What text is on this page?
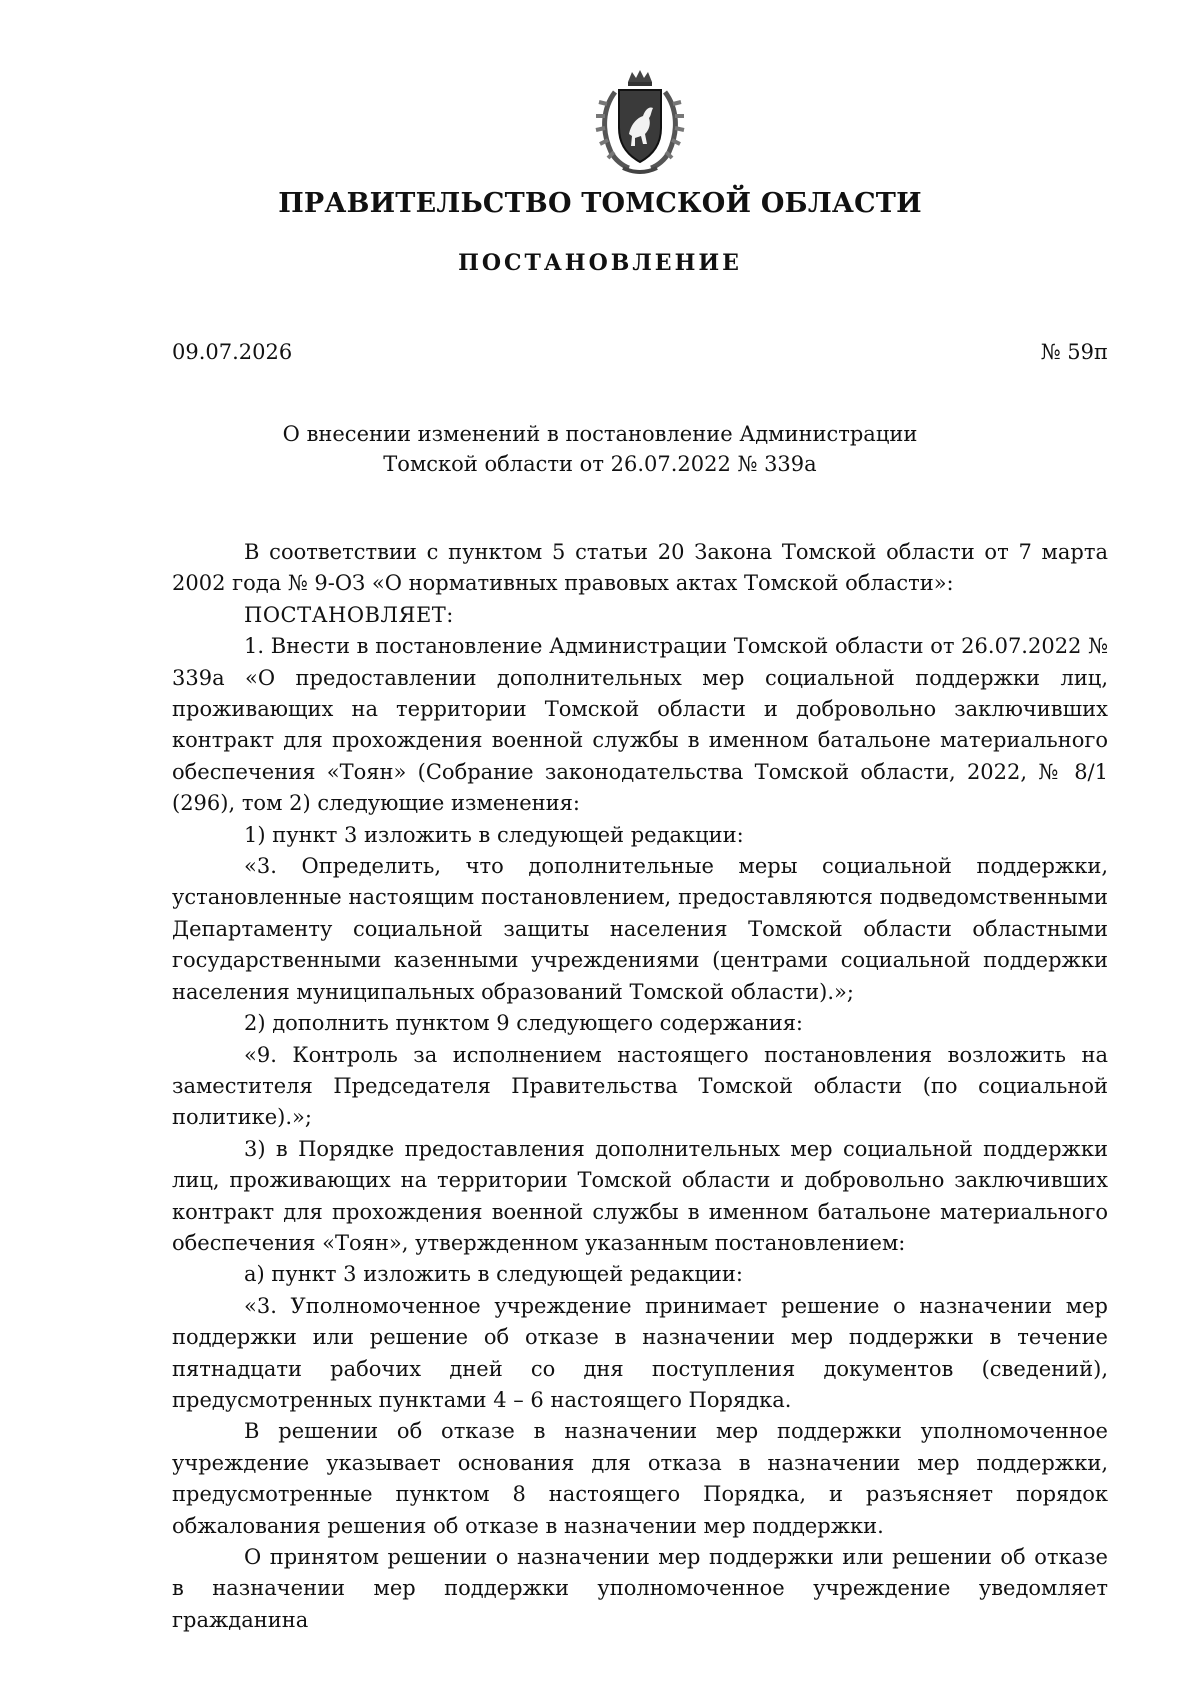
ПРАВИТЕЛЬСТВО ТОМСКОЙ ОБЛАСТИ
ПОСТАНОВЛЕНИЕ
09.07.2026	№ 59п
О внесении изменений в постановление Администрации
Томской области от 26.07.2022 № 339а

В соответствии с пунктом 5 статьи 20 Закона Томской области от 7 марта 2002 года № 9-ОЗ «О нормативных правовых актах Томской области»:

ПОСТАНОВЛЯЕТ:

1. Внести в постановление Администрации Томской области от 26.07.2022 № 339а «О предоставлении дополнительных мер социальной поддержки лиц, проживающих на территории Томской области и добровольно заключивших контракт для прохождения военной службы в именном батальоне материального обеспечения «Тоян» (Собрание законодательства Томской области, 2022, № 8/1 (296), том 2) следующие изменения:

1) пункт 3 изложить в следующей редакции:

«3. Определить, что дополнительные меры социальной поддержки, установленные настоящим постановлением, предоставляются подведомственными Департаменту социальной защиты населения Томской области областными государственными казенными учреждениями (центрами социальной поддержки населения муниципальных образований Томской области).»;

2) дополнить пунктом 9 следующего содержания:

«9. Контроль за исполнением настоящего постановления возложить на заместителя Председателя Правительства Томской области (по социальной политике).»;

3) в Порядке предоставления дополнительных мер социальной поддержки лиц, проживающих на территории Томской области и добровольно заключивших контракт для прохождения военной службы в именном батальоне материального обеспечения «Тоян», утвержденном указанным постановлением:

а) пункт 3 изложить в следующей редакции:

«3. Уполномоченное учреждение принимает решение о назначении мер поддержки или решение об отказе в назначении мер поддержки в течение пятнадцати рабочих дней со дня поступления документов (сведений), предусмотренных пунктами 4 – 6 настоящего Порядка.

В решении об отказе в назначении мер поддержки уполномоченное учреждение указывает основания для отказа в назначении мер поддержки, предусмотренные пунктом 8 настоящего Порядка, и разъясняет порядок обжалования решения об отказе в назначении мер поддержки.

О принятом решении о назначении мер поддержки или решении об отказе в назначении мер поддержки уполномоченное учреждение уведомляет гражданина
